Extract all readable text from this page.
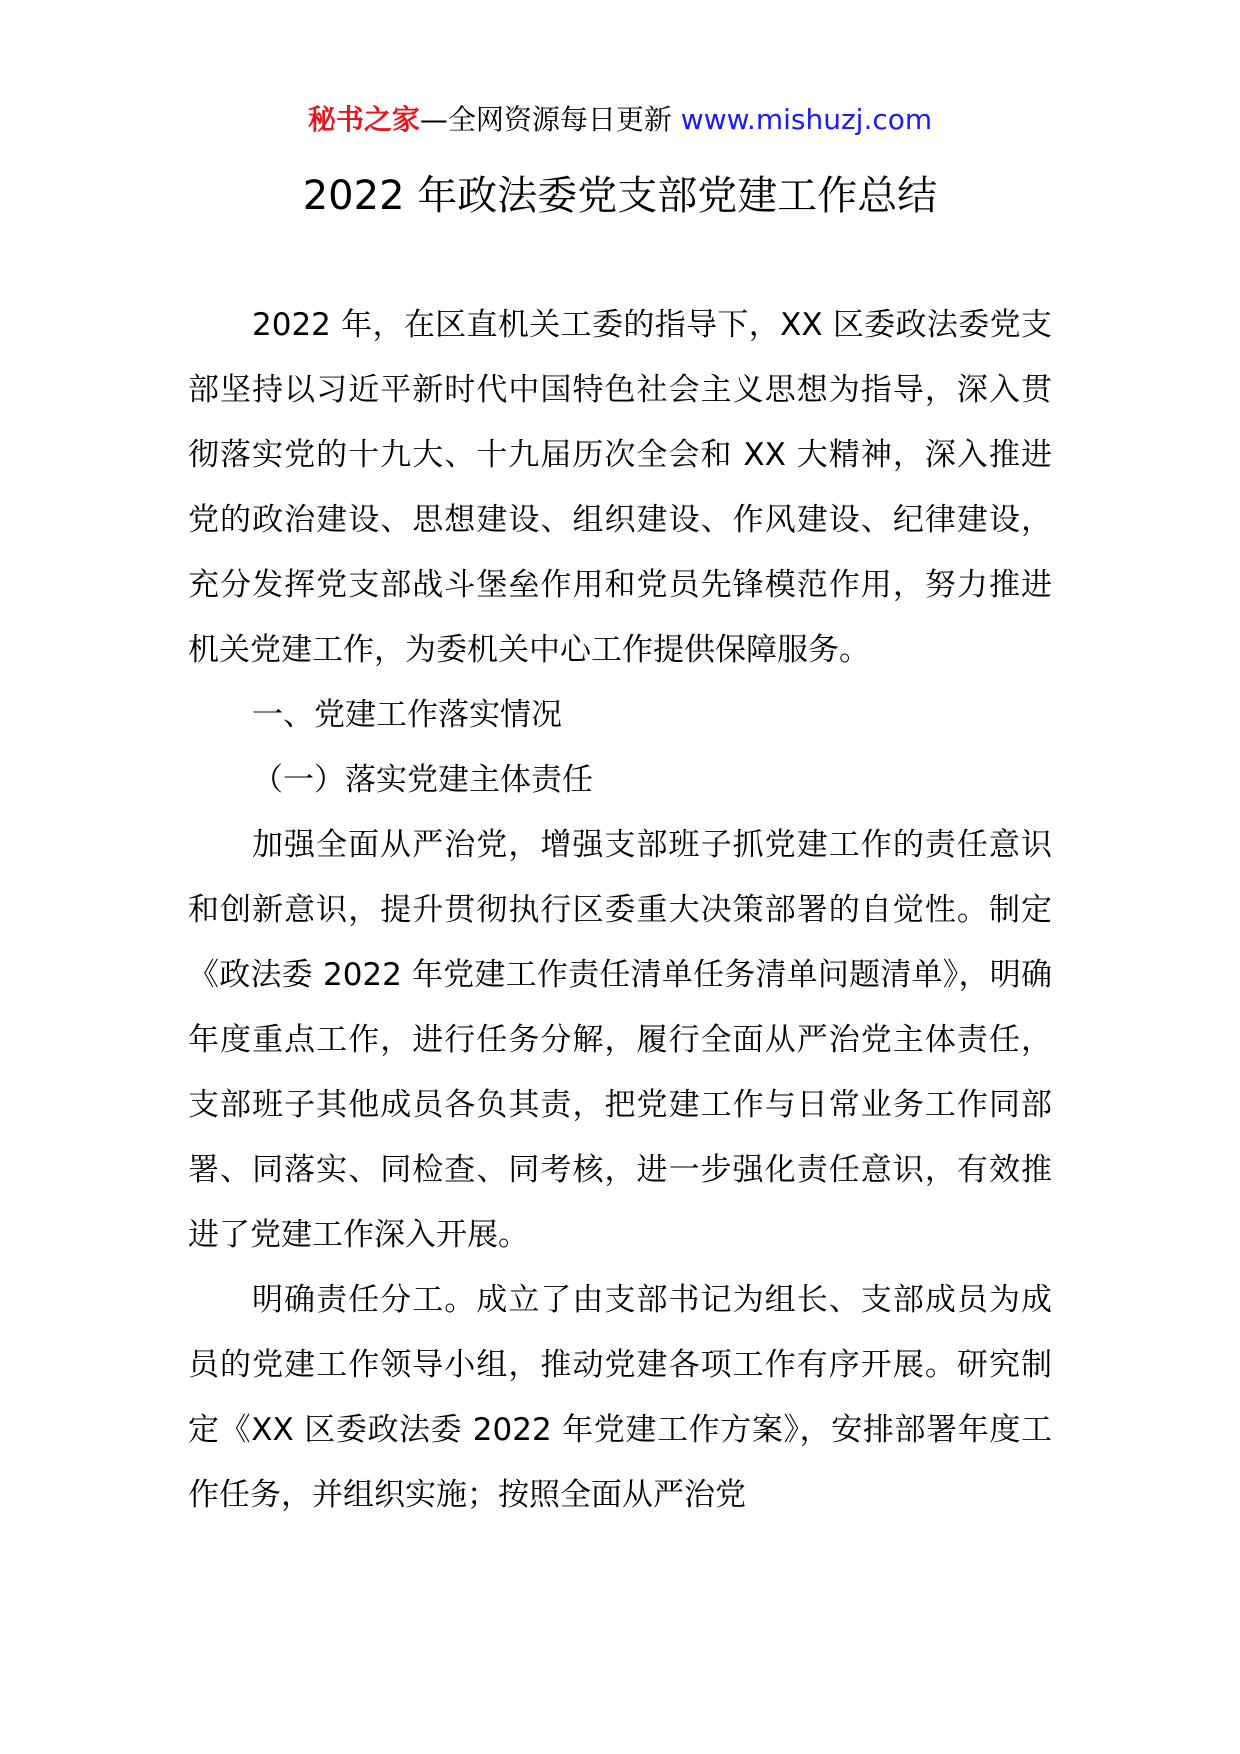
秘书之家—全网资源每日更新 www.mishuzj.com
2022 年政法委党支部党建工作总结

2022 年，在区直机关工委的指导下，XX 区委政法委党支部坚持以习近平新时代中国特色社会主义思想为指导，深入贯彻落实党的十九大、十九届历次全会和 XX 大精神，深入推进党的政治建设、思想建设、组织建设、作风建设、纪律建设，充分发挥党支部战斗堡垒作用和党员先锋模范作用，努力推进机关党建工作，为委机关中心工作提供保障服务。

一、党建工作落实情况

（一）落实党建主体责任

加强全面从严治党，增强支部班子抓党建工作的责任意识和创新意识，提升贯彻执行区委重大决策部署的自觉性。制定《政法委 2022 年党建工作责任清单任务清单问题清单》，明确年度重点工作，进行任务分解，履行全面从严治党主体责任，支部班子其他成员各负其责，把党建工作与日常业务工作同部署、同落实、同检查、同考核，进一步强化责任意识，有效推进了党建工作深入开展。

明确责任分工。成立了由支部书记为组长、支部成员为成员的党建工作领导小组，推动党建各项工作有序开展。研究制定《XX 区委政法委 2022 年党建工作方案》，安排部署年度工作任务，并组织实施；按照全面从严治党
